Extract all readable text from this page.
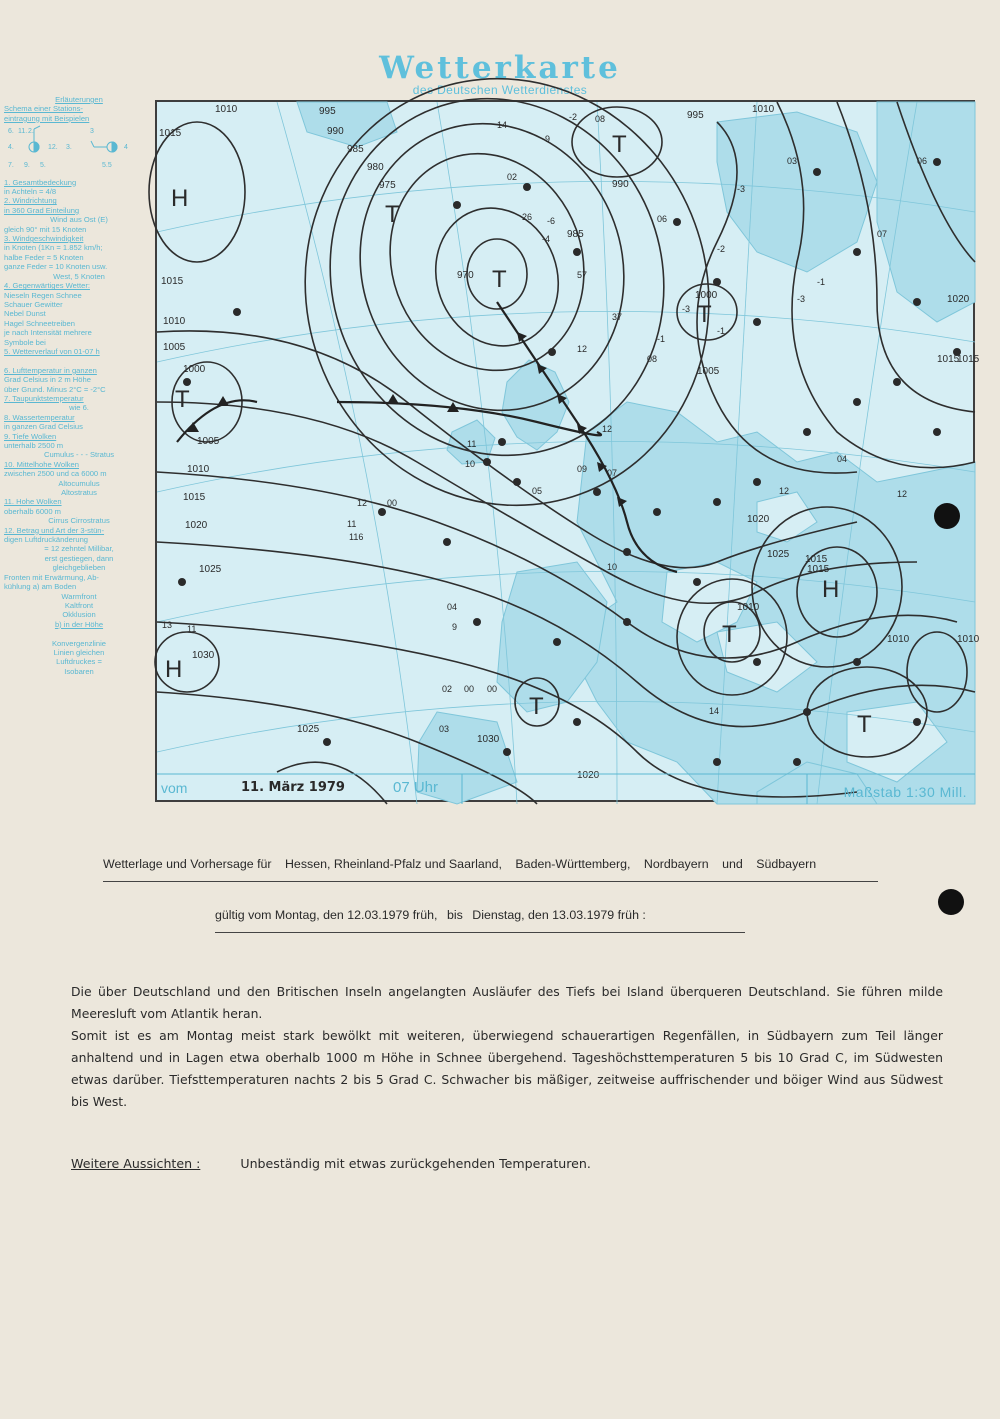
Wetterkarte
des Deutschen Wetterdienstes
Erläuterungen
Schema einer Stations-
eintragung mit Beispielen
6. 11. 2.
4.	12. 3.
7. 9. 5.
3
4
5.5
1. Gesamtbedeckung
in Achteln = 4/8
2. Windrichtung
in 360 Grad Einteilung
Wind aus Ost (E)
gleich 90° mit 15 Knoten
3. Windgeschwindigkeit
in Knoten (1Kn = 1.852 km/h;
halbe Feder = 5 Knoten
ganze Feder = 10 Knoten usw.
West, 5 Knoten
4. Gegenwärtiges Wetter:
Nieseln Regen Schnee
Schauer Gewitter
Nebel Dunst
Hagel Schneetreiben
je nach Intensität mehrere
Symbole bei
5. Wetterverlauf von 01-07 h

6. Lufttemperatur in ganzen
Grad Celsius in 2 m Höhe
über Grund. Minus 2°C = -2°C
7. Taupunktstemperatur
wie 6.
8. Wassertemperatur
in ganzen Grad Celsius
9. Tiefe Wolken
unterhalb 2500 m
Cumulus - - - Stratus
10. Mittelhohe Wolken
zwischen 2500 und ca 6000 m
Altocumulus
Altostratus
11. Hohe Wolken
oberhalb 6000 m
Cirrus Cirrostratus
12. Betrag und Art der 3-stün-
digen Luftdruckänderung
= 12 zehntel Millibar,
erst gestiegen, dann
gleichgeblieben
Fronten mit Erwärmung, Ab-
kühlung a) am Boden
Warmfront
Kaltfront
Okklusion
b) in der Höhe

Konvergenzlinie
Linien gleichen
Luftdruckes =
Isobaren
H
T
T
T
T
T
H
H
T
T
T
1010	995
1015	990
985
980
975
970
1015
1010
1005
1000
1005
1010
1015
1020
1025
1030
1025
1030
1020
1000
1005
1010
1015
1020
1025
1015
1010
1015
1020
1010
1015
1010
990
985
995
-2 08
14
-9
02
-4
-6
26
57
37
12
09
-3
-1
08
11
10
05
12 00
11
116
04
9
13 11
02 00 00
03
12
07
12
14
-2
-3
-1
06
06
03
-1
-3
07
04
12
10
vom	11. März 1979	07 Uhr	Maßstab 1:30 Mill.
Wetterlage und Vorhersage für Hessen, Rheinland-Pfalz und Saarland, Baden-Württemberg, Nordbayern und Südbayern
gültig vom Montag, den 12.03.1979 früh, bis Dienstag, den 13.03.1979 früh :

Die über Deutschland und den Britischen Inseln angelangten Ausläufer des Tiefs bei Island überqueren Deutschland. Sie führen milde Meeresluft vom Atlantik heran.

Somit ist es am Montag meist stark bewölkt mit weiteren, überwiegend schauerartigen Regenfällen, in Südbayern zum Teil länger anhaltend und in Lagen etwa oberhalb 1000 m Höhe in Schnee übergehend. Tageshöchsttemperaturen 5 bis 10 Grad C, im Südwesten etwas darüber. Tiefsttemperaturen nachts 2 bis 5 Grad C. Schwacher bis mäßiger, zeitweise auffrischender und böiger Wind aus Südwest bis West.

Weitere Aussichten :	Unbeständig mit etwas zurückgehenden Temperaturen.
